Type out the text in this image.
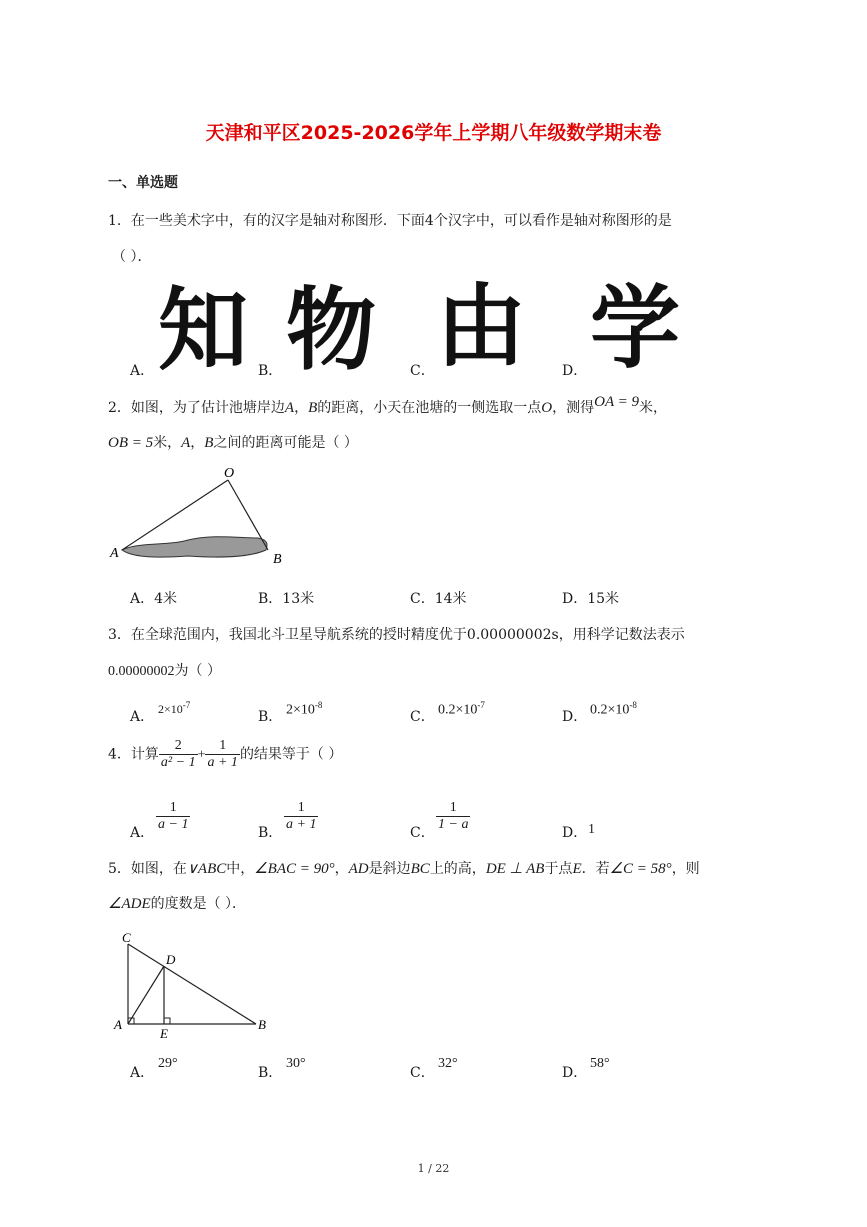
天津和平区2025-2026学年上学期八年级数学期末卷
一、单选题
1．在一些美术字中，有的汉字是轴对称图形．下面4个汉字中，可以看作是轴对称图形的是
（ ）．
A． 知 B． 物 C． 由	D． 学
2．如图，为了估计池塘岸边A，B的距离，小天在池塘的一侧选取一点O，测得OA = 9米，
OB = 5米，A，B之间的距离可能是（ ）
O
A	B
A．4米	B．13米	C．14米	D．15米
3．在全球范围内，我国北斗卫星导航系统的授时精度优于0.00000002s，用科学记数法表示
0.00000002为（ ）
A． $2\times 10^{-7}$
B． $2\times 10^{-8}$
C． $0.2\times 10^{-7}$
D． $0.2\times 10^{-8}$
4．计算 $\frac{2}{\text{a² − 1}} + \frac{1}{a + 1}$ 的结果等于（ ）
A． $\frac{1}{a - 1}$	B． $\frac{1}{a + 1}$	C． $\frac{1}{1 - a}$	D． 1
5．如图，在∨ABC中，∠BAC = 90°，AD是斜边BC上的高，DE ⊥ AB于点E．若∠C = 58°，则
∠ADE的度数是（ ）．
C
D
A
E
B
A．
29°
B．
30°
C．
32°
D．
58°
1 / 22
